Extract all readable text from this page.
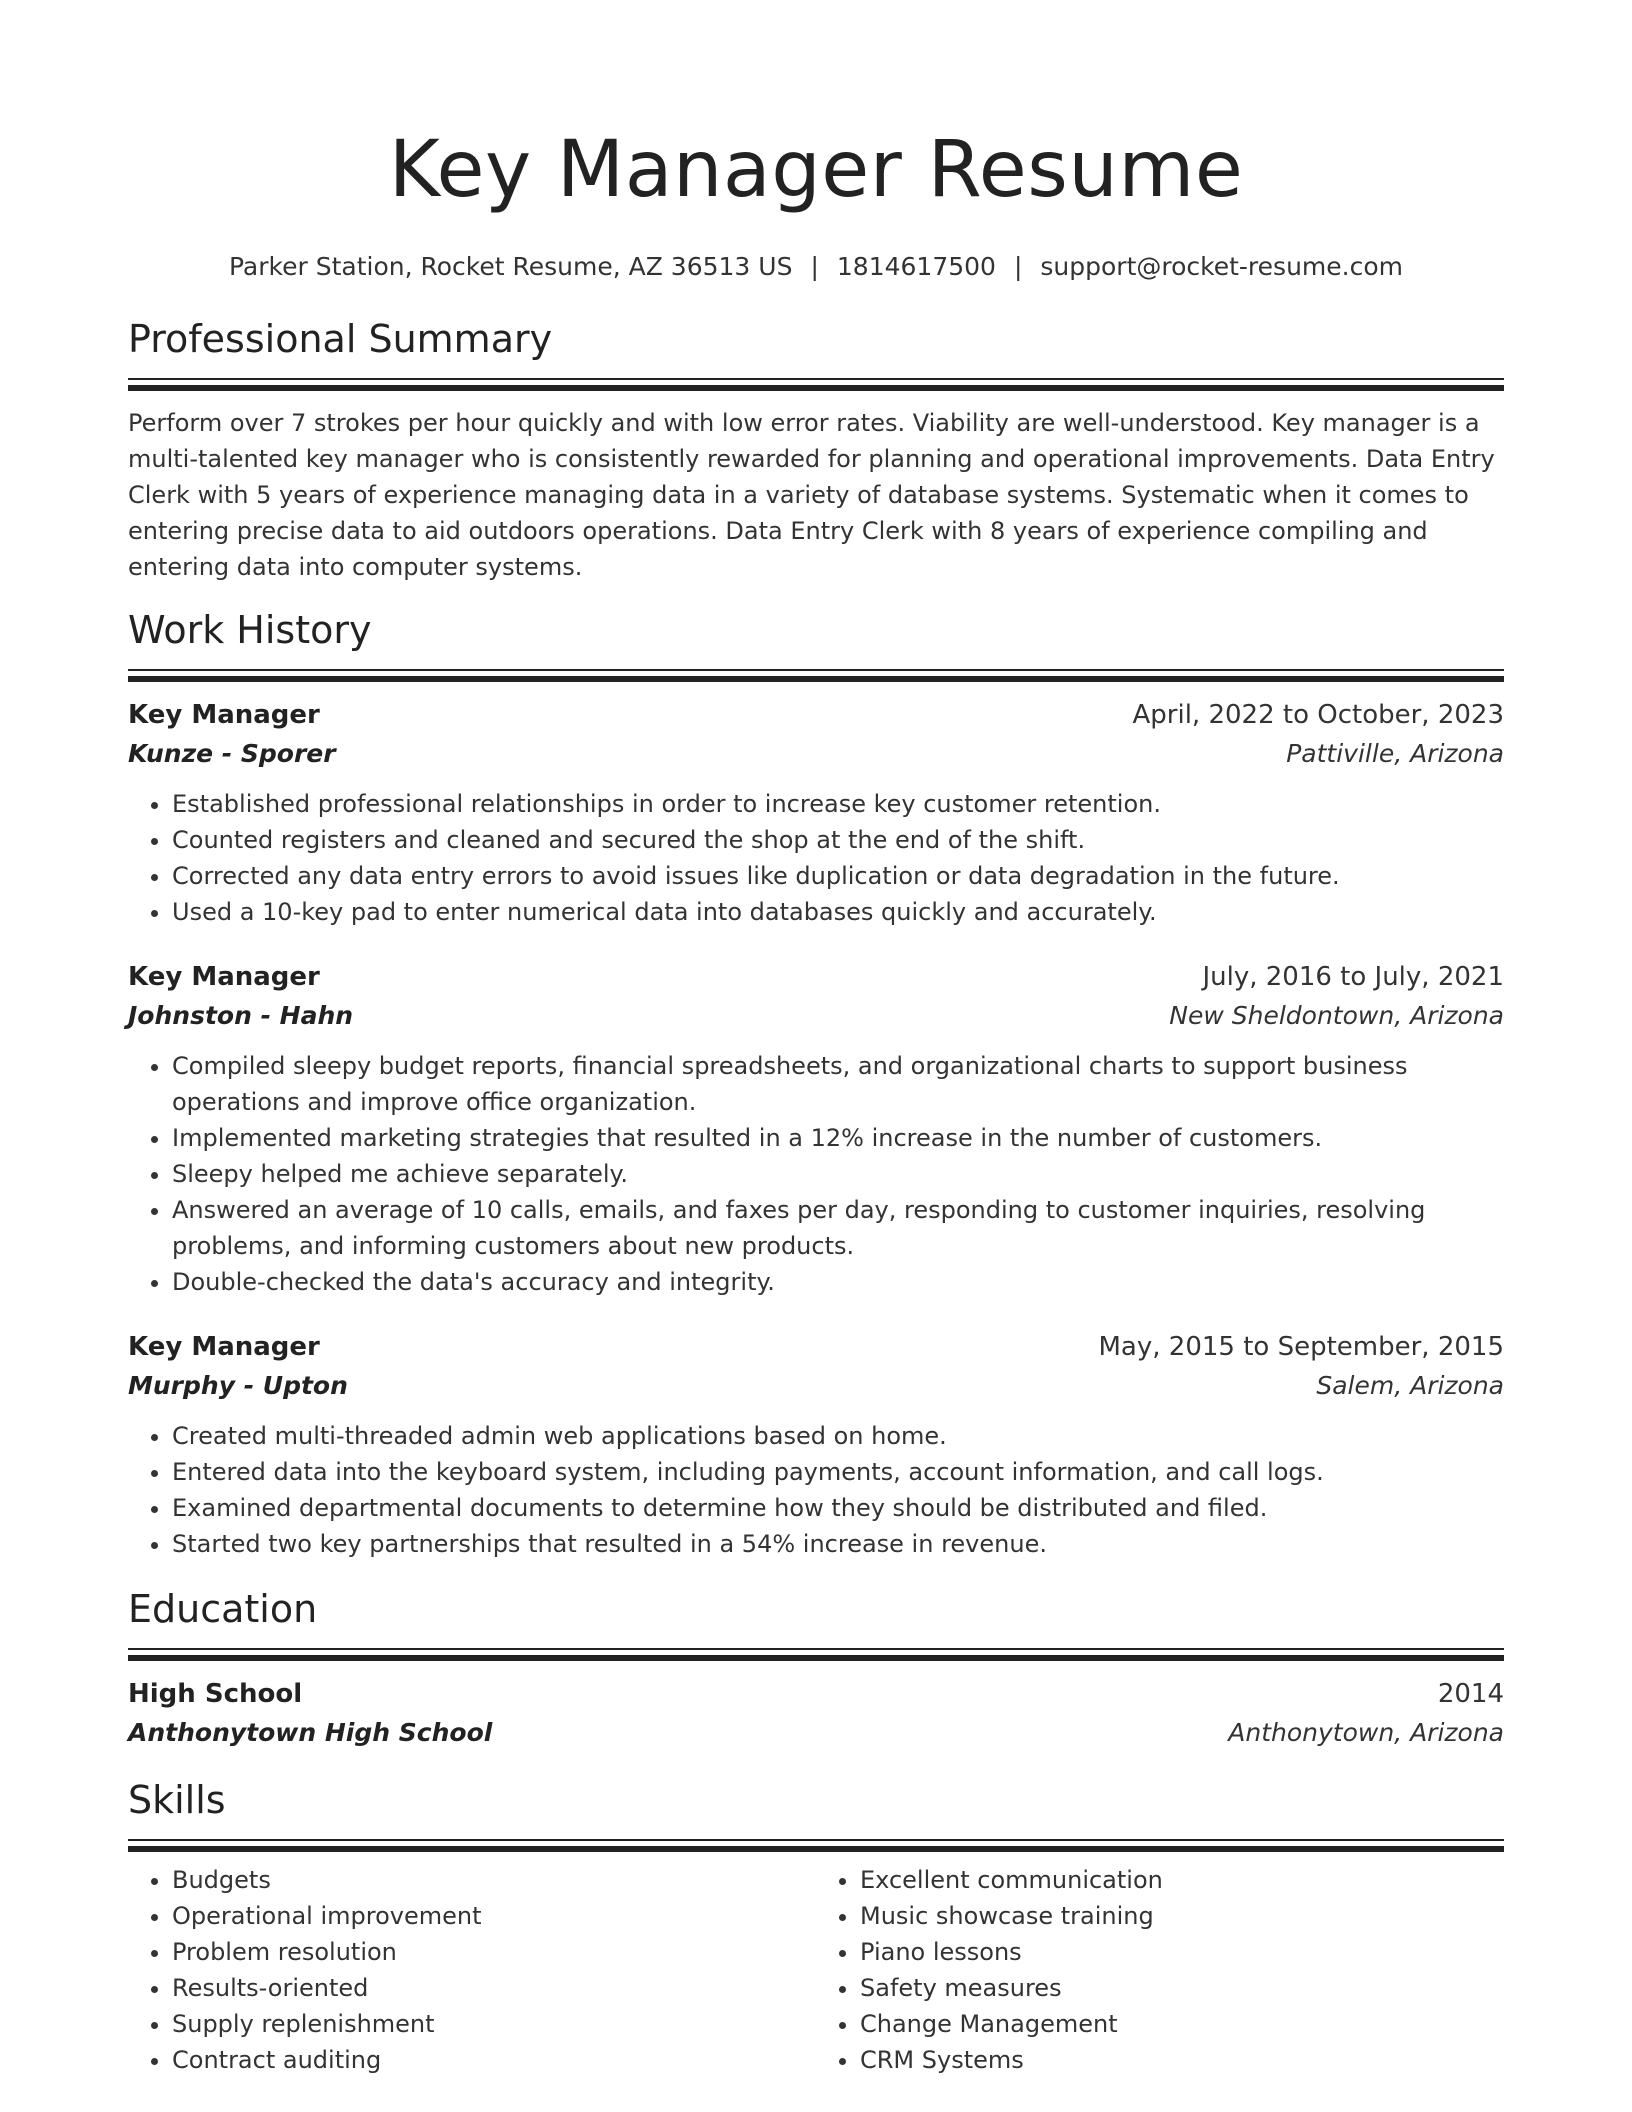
Key Manager Resume
Parker Station, Rocket Resume, AZ 36513 US | 1814617500 | support@rocket-resume.com
Professional Summary

Perform over 7 strokes per hour quickly and with low error rates. Viability are well-understood. Key manager is a multi-talented key manager who is consistently rewarded for planning and operational improvements. Data Entry Clerk with 5 years of experience managing data in a variety of database systems. Systematic when it comes to entering precise data to aid outdoors operations. Data Entry Clerk with 8 years of experience compiling and entering data into computer systems.

Work History
Key Manager	April, 2022 to October, 2023
Kunze - Sporer	Pattiville, Arizona
• Established professional relationships in order to increase key customer retention.
• Counted registers and cleaned and secured the shop at the end of the shift.
• Corrected any data entry errors to avoid issues like duplication or data degradation in the future.
• Used a 10-key pad to enter numerical data into databases quickly and accurately.
Key Manager	July, 2016 to July, 2021
Johnston - Hahn	New Sheldontown, Arizona
• Compiled sleepy budget reports, financial spreadsheets, and organizational charts to support business operations and improve office organization.
• Implemented marketing strategies that resulted in a 12% increase in the number of customers.
• Sleepy helped me achieve separately.
• Answered an average of 10 calls, emails, and faxes per day, responding to customer inquiries, resolving problems, and informing customers about new products.
• Double-checked the data's accuracy and integrity.
Key Manager	May, 2015 to September, 2015
Murphy - Upton	Salem, Arizona
• Created multi-threaded admin web applications based on home.
• Entered data into the keyboard system, including payments, account information, and call logs.
• Examined departmental documents to determine how they should be distributed and filed.
• Started two key partnerships that resulted in a 54% increase in revenue.
Education
High School	2014
Anthonytown High School	Anthonytown, Arizona
Skills
• Budgets
• Operational improvement
• Problem resolution
• Results-oriented
• Supply replenishment
• Contract auditing
• Excellent communication
• Music showcase training
• Piano lessons
• Safety measures
• Change Management
• CRM Systems
